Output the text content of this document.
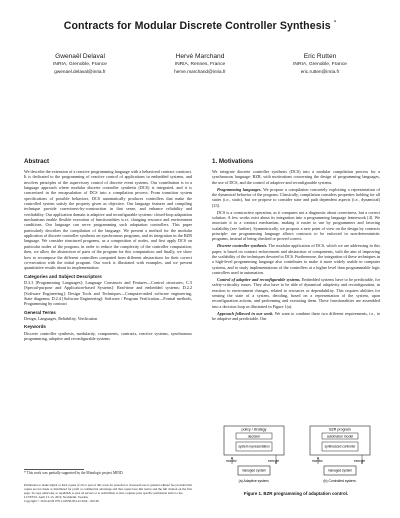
Contracts for Modular Discrete Controller Synthesis *
Gwenaël Delaval
INRIA, Grenoble, France
gwenael.delaval@inria.fr
Hervé Marchand
INRIA, Rennes, France
herve.marchand@inria.fr
Eric Rutten
INRIA, Grenoble, France
eric.rutten@inria.fr
Abstract

We describe the extension of a reactive programming language with a behavioral contract construct. It is dedicated to the programming of reactive control of applications in embedded systems, and involves principles of the supervisory control of discrete event systems. Our contribution is in a language approach where modular discrete controller synthesis (DCS) is integrated, and it is concretized in the encapsulation of DCS into a compilation process. From transition system specifications of possible behaviors, DCS automatically produces controllers that make the controlled system satisfy the property given as objective. Our language features and compiling technique provide correctness-by-construction in that sense, and enhance reliability and verifiability. Our application domain is adaptive and reconfigurable systems: closed-loop adaptation mechanisms enable flexible execution of functionalities w.r.t. changing resource and environment conditions. Our language can serve programming such adaptation controllers. This paper particularly describes the compilation of the language. We present a method for the modular application of discrete controller synthesis on synchronous programs, and its integration in the BZR language. We consider structured programs, as a composition of nodes, and first apply DCS on particular nodes of the program, in order to reduce the complexity of the controller computation; then, we allow the abstraction of parts of the program for this computation; and finally, we show how to recompose the different controllers computed from different abstractions for their correct co-execution with the initial program. Our work is illustrated with examples, and we present quantitative results about its implementation.

Categories and Subject Descriptors

D.3.3 [Programming Languages]: Language Constructs and Features—Control structures; C.3 [Special-purpose and Application-based Systems]: Real-time and embedded systems; D.2.2 [Software Engineering]: Design Tools and Techniques—Computer-aided software engineering, State diagrams; D.2.4 [Software Engineering]: Software / Program Verification—Formal methods, Programming by contract

General Terms

Design, Languages, Reliability, Verification

Keywords

Discrete controller synthesis, modularity, components, contracts, reactive systems, synchronous programming, adaptive and reconfigurable systems

* This work was partially supported by the Minalogic project MIND.

Permission to make digital or hard copies of all or part of this work for personal or classroom use is granted without fee provided that copies are not made or distributed for profit or commercial advantage and that copies bear this notice and the full citation on the first page. To copy otherwise, to republish, to post on servers or to redistribute to lists, requires prior specific permission and/or a fee.

LCTES'10, April 13–15, 2010, Stockholm, Sweden.

Copyright © 2010 ACM 978-1-60558-953-4/10/04... $10.00

1. Motivations

We integrate discrete controller synthesis (DCS) into a modular compilation process for a synchronous language: BZR, with motivations concerning the design of programming languages, the use of DCS, and the control of adaptive and reconfigurable systems.

Programming languages. We propose a compilation concretely exploiting a representation of the dynamical behavior of the program. Classically, compilation considers properties holding for all states (i.e., static), but we propose to consider state and path dependent aspects (i.e., dynamical) [23].

DCS is a constructive operation, as it computes not a diagnostic about correctness, but a correct solution. A few works exist about its integration into a programming language framework [4]. We associate it to a contract mechanism, making it easier to use by programmers and favoring scalability (see further). Symmetrically, we propose a new point of view on the design by contracts principle: our programming language allows contracts to be enforced in non-deterministic programs, instead of being checked or proved correct.

Discrete controller synthesis. The modular application of DCS, which we are addressing in this paper, is based on contract enforcement and abstraction of components, with the aim of improving the scalability of the techniques devoted to DCS. Furthermore, the integration of these techniques in a high-level programming language also contributes to make it more widely usable in computer systems, and to study implementations of the controllers at a higher level than programmable logic controllers used in automation.

Control of adaptive and reconfigurable systems. Embedded systems have to be predictable, for safety-criticality issues. They also have to be able of dynamical adaptivity and reconfiguration, in reaction to environment changes, related to resources or dependability. This requires abilities for sensing the state of a system, deciding, based on a representation of the system, upon reconfiguration actions, and performing and executing them. These functionalities are assembled into a decision loop as illustrated in Figure 1(a).

Approach followed in our work. We want to combine these two different requirements, i.e., to be adaptive and predictable. Our

policy / strategy
decision
system representation
monitor	execute
managed system
(a) Adaptive system.
BZR program
automaton model
synthesized controller
monitor	execute
managed system
(b) Controlled system.
Figure 1. BZR programming of adaptation control.
